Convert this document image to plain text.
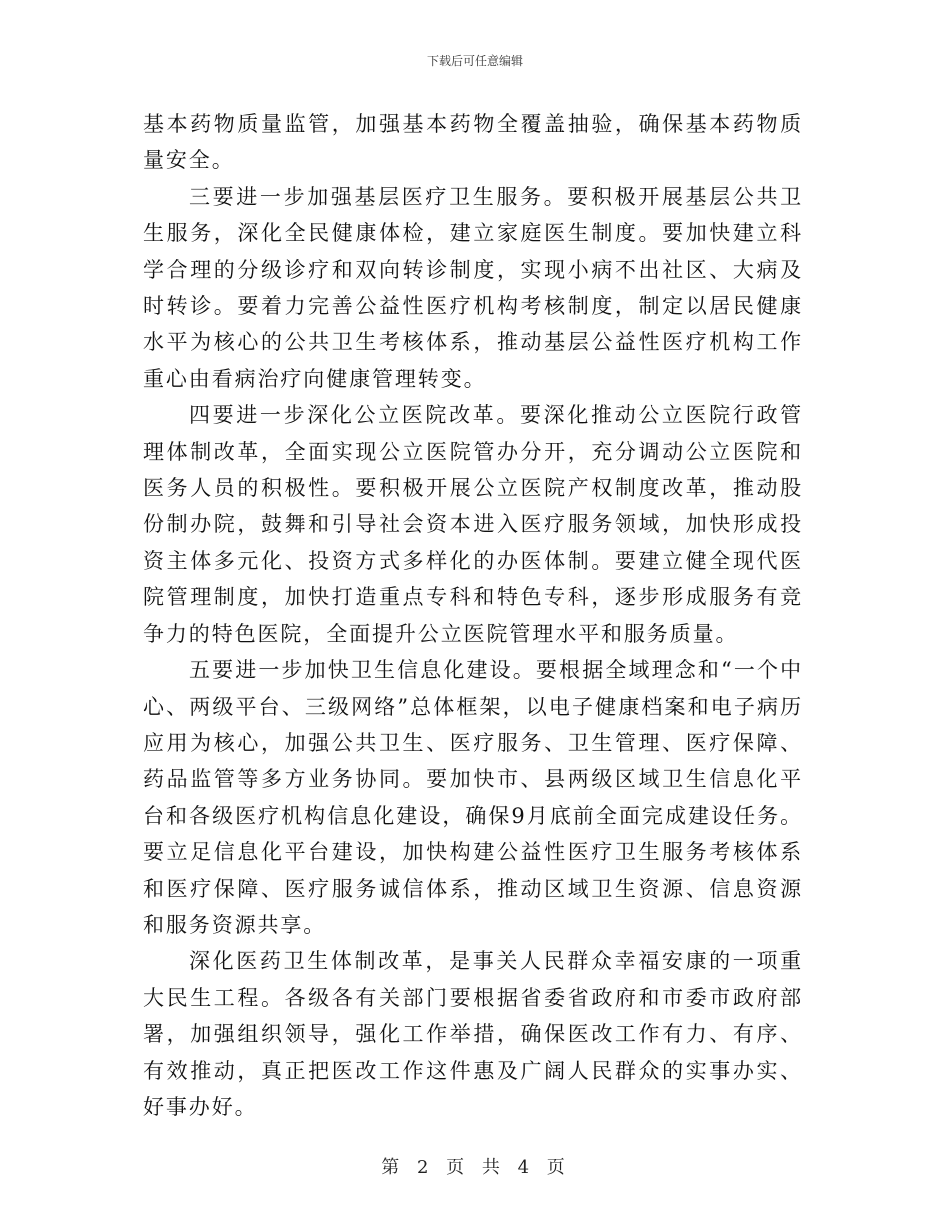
下载后可任意编辑

基本药物质量监管，加强基本药物全覆盖抽验，确保基本药物质量安全。

三要进一步加强基层医疗卫生服务。要积极开展基层公共卫生服务，深化全民健康体检，建立家庭医生制度。要加快建立科学合理的分级诊疗和双向转诊制度，实现小病不出社区、大病及时转诊。要着力完善公益性医疗机构考核制度，制定以居民健康水平为核心的公共卫生考核体系，推动基层公益性医疗机构工作重心由看病治疗向健康管理转变。

四要进一步深化公立医院改革。要深化推动公立医院行政管理体制改革，全面实现公立医院管办分开，充分调动公立医院和医务人员的积极性。要积极开展公立医院产权制度改革，推动股份制办院，鼓舞和引导社会资本进入医疗服务领域，加快形成投资主体多元化、投资方式多样化的办医体制。要建立健全现代医院管理制度，加快打造重点专科和特色专科，逐步形成服务有竞争力的特色医院，全面提升公立医院管理水平和服务质量。

五要进一步加快卫生信息化建设。要根据全域理念和“一个中心、两级平台、三级网络”总体框架，以电子健康档案和电子病历应用为核心，加强公共卫生、医疗服务、卫生管理、医疗保障、药品监管等多方业务协同。要加快市、县两级区域卫生信息化平台和各级医疗机构信息化建设，确保9月底前全面完成建设任务。要立足信息化平台建设，加快构建公益性医疗卫生服务考核体系和医疗保障、医疗服务诚信体系，推动区域卫生资源、信息资源和服务资源共享。

深化医药卫生体制改革，是事关人民群众幸福安康的一项重大民生工程。各级各有关部门要根据省委省政府和市委市政府部署，加强组织领导，强化工作举措，确保医改工作有力、有序、有效推动，真正把医改工作这件惠及广阔人民群众的实事办实、好事办好。

第 2 页 共 4 页
